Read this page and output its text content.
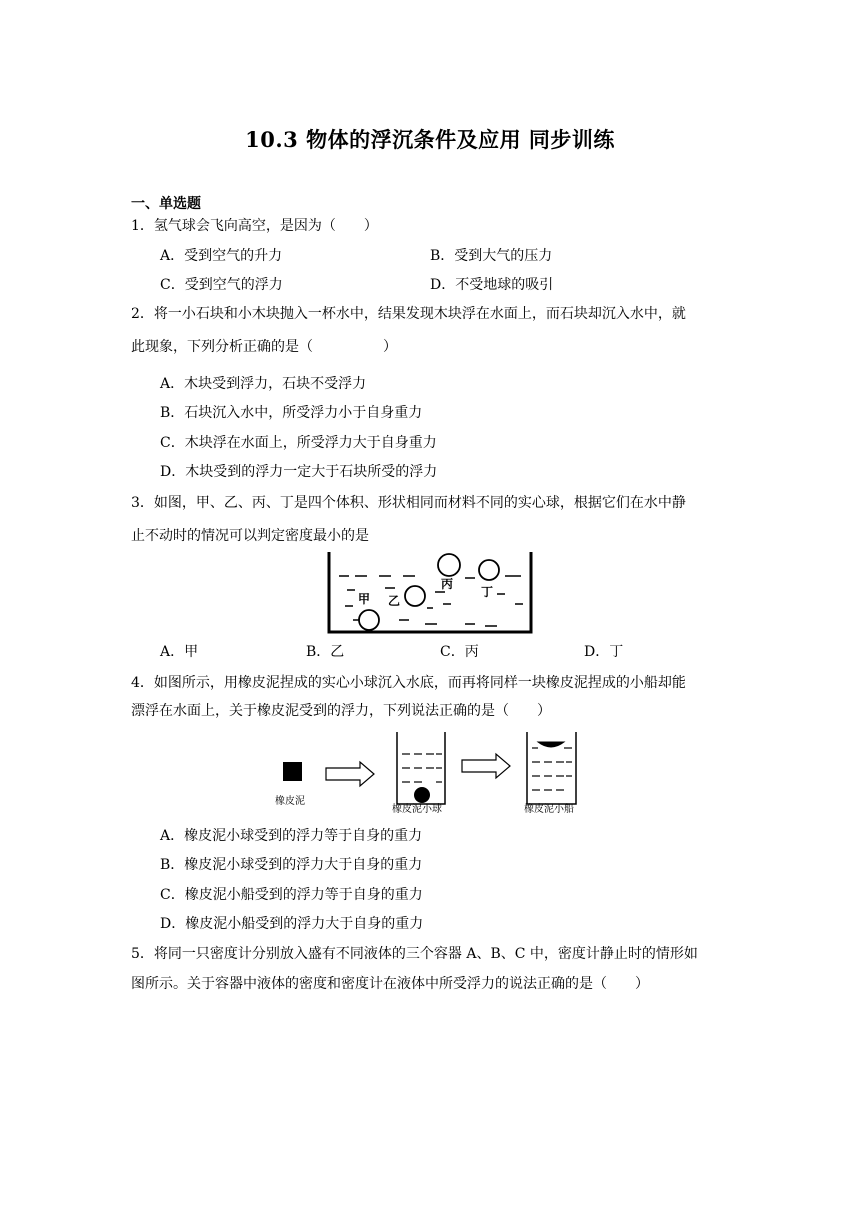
10.3 物体的浮沉条件及应用 同步训练
一、单选题
1．氢气球会飞向高空，是因为（　　）
A．受到空气的升力	B．受到大气的压力
C．受到空气的浮力	D．不受地球的吸引
2．将一小石块和小木块抛入一杯水中，结果发现木块浮在水面上，而石块却沉入水中，就
此现象，下列分析正确的是（　　　　　）
A．木块受到浮力，石块不受浮力
B．石块沉入水中，所受浮力小于自身重力
C．木块浮在水面上，所受浮力大于自身重力
D．木块受到的浮力一定大于石块所受的浮力
3．如图，甲、乙、丙、丁是四个体积、形状相同而材料不同的实心球，根据它们在水中静
止不动时的情况可以判定密度最小的是
甲 乙
丙
丁
A．甲	B．乙	C．丙	D．丁
4．如图所示，用橡皮泥捏成的实心小球沉入水底，而再将同样一块橡皮泥捏成的小船却能
漂浮在水面上，关于橡皮泥受到的浮力，下列说法正确的是（　　）
橡皮泥
橡皮泥小球	橡皮泥小船
A．橡皮泥小球受到的浮力等于自身的重力
B．橡皮泥小球受到的浮力大于自身的重力
C．橡皮泥小船受到的浮力等于自身的重力
D．橡皮泥小船受到的浮力大于自身的重力
5．将同一只密度计分别放入盛有不同液体的三个容器 A、B、C 中，密度计静止时的情形如
图所示。关于容器中液体的密度和密度计在液体中所受浮力的说法正确的是（　　）
